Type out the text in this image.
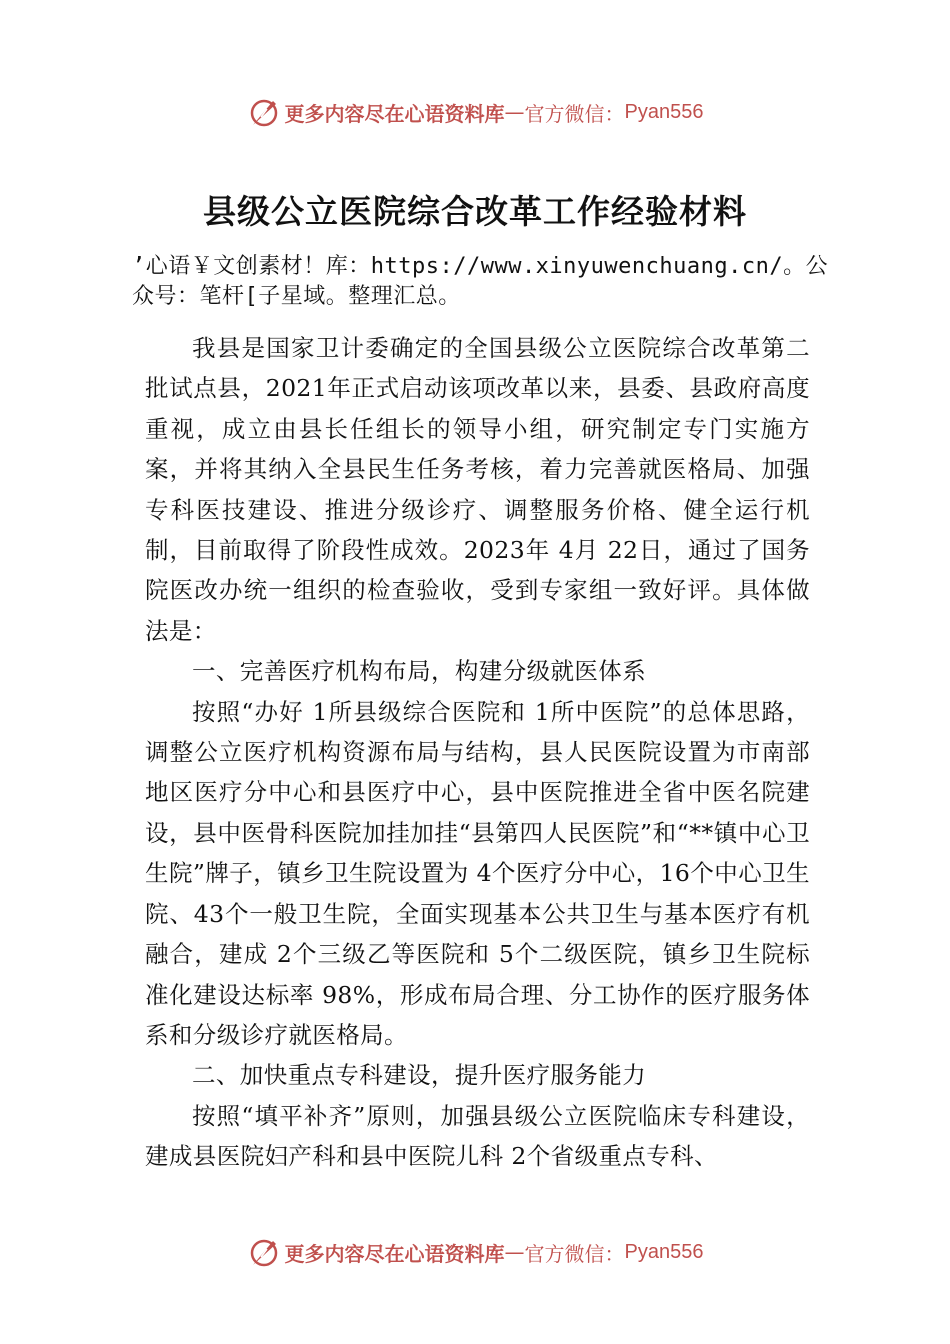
更多内容尽在心语资料库 — 官方微信： Pyan556
县级公立医院综合改革工作经验材料

’心语￥文创素材！库：https://www.xinyuwenchuang.cn/。公众号：笔杆[子星域。整理汇总。

我县是国家卫计委确定的全国县级公立医院综合改革第二批试点县，2021年正式启动该项改革以来，县委、县政府高度重视，成立由县长任组长的领导小组，研究制定专门实施方案，并将其纳入全县民生任务考核，着力完善就医格局、加强专科医技建设、推进分级诊疗、调整服务价格、健全运行机制，目前取得了阶段性成效。2023年 4月 22日，通过了国务院医改办统一组织的检查验收，受到专家组一致好评。具体做法是：

一、完善医疗机构布局，构建分级就医体系

按照“办好 1所县级综合医院和 1所中医院”的总体思路，调整公立医疗机构资源布局与结构，县人民医院设置为市南部地区医疗分中心和县医疗中心，县中医院推进全省中医名院建设，县中医骨科医院加挂加挂“县第四人民医院”和“**镇中心卫生院”牌子，镇乡卫生院设置为 4个医疗分中心，16个中心卫生院、43个一般卫生院，全面实现基本公共卫生与基本医疗有机融合，建成 2个三级乙等医院和 5个二级医院，镇乡卫生院标准化建设达标率 98%，形成布局合理、分工协作的医疗服务体系和分级诊疗就医格局。

二、加快重点专科建设，提升医疗服务能力

按照“填平补齐”原则，加强县级公立医院临床专科建设，建成县医院妇产科和县中医院儿科 2个省级重点专科、

更多内容尽在心语资料库 — 官方微信： Pyan556
